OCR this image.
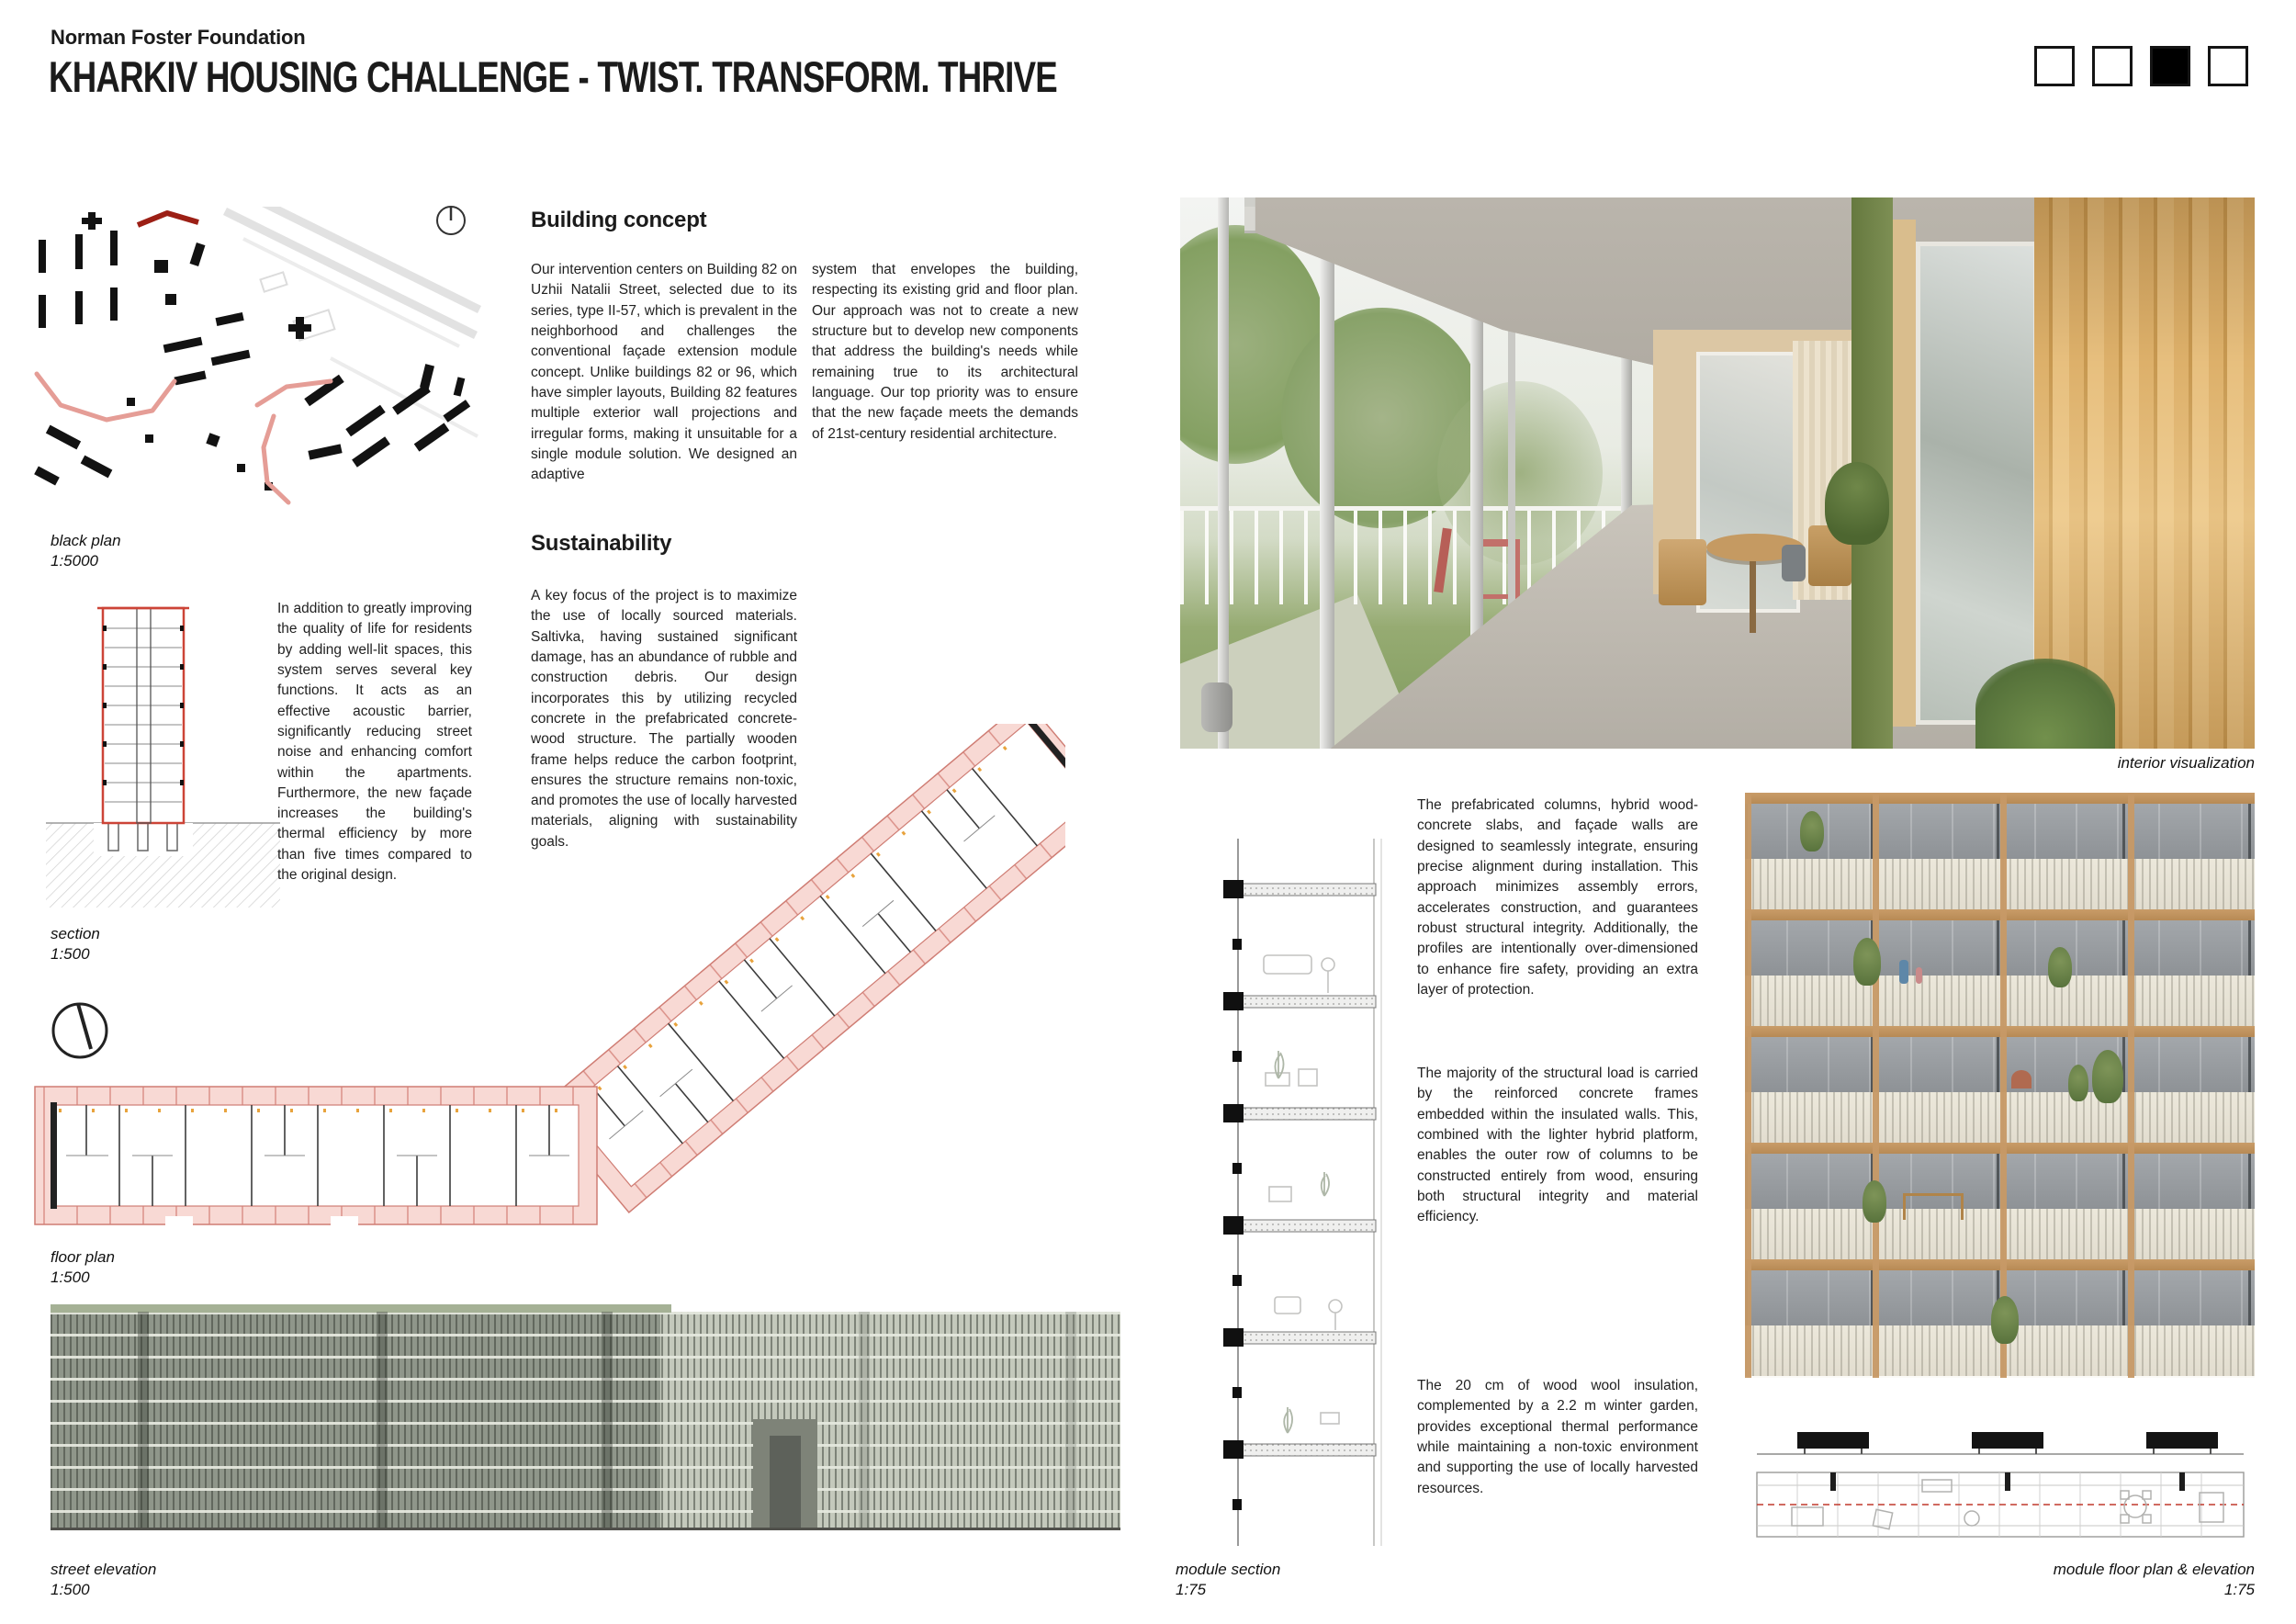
Norman Foster Foundation
KHARKIV HOUSING CHALLENGE - TWIST. TRANSFORM. THRIVE
black plan
1:5000
section
1:500
In addition to greatly improving the quality of life for residents by adding well-lit spaces, this system serves several key functions. It acts as an effective acoustic barrier, significantly reducing street noise and enhancing comfort within the apartments. Furthermore, the new façade increases the building's thermal efficiency by more than five times compared to the original design.
Building concept
Our intervention centers on Building 82 on Uzhii Natalii Street, selected due to its series, type II-57, which is prevalent in the neighborhood and challenges the conventional façade extension module concept. Unlike buildings 82 or 96, which have simpler layouts, Building 82 features multiple exterior wall projections and irregular forms, making it unsuitable for a single module solution. We designed an adaptive
system that envelopes the building, respecting its existing grid and floor plan. Our approach was not to create a new structure but to develop new components that address the building's needs while remaining true to its architectural language. Our top priority was to ensure that the new façade meets the demands of 21st-century residential architecture.
Sustainability
A key focus of the project is to maximize the use of locally sourced materials. Saltivka, having sustained significant damage, has an abundance of rubble and construction debris. Our design incorporates this by utilizing recycled concrete in the prefabricated concrete-wood structure. The partially wooden frame helps reduce the carbon footprint, ensures the structure remains non-toxic, and promotes the use of locally harvested materials, aligning with sustainability goals.
floor plan
1:500
street elevation
1:500
interior visualization
module section
1:75
The prefabricated columns, hybrid wood-concrete slabs, and façade walls are designed to seamlessly integrate, ensuring precise alignment during installation. This approach minimizes assembly errors, accelerates construction, and guarantees robust structural integrity. Additionally, the profiles are intentionally over-dimensioned to enhance fire safety, providing an extra layer of protection.
The majority of the structural load is carried by the reinforced concrete frames embedded within the insulated walls. This, combined with the lighter hybrid platform, enables the outer row of columns to be constructed entirely from wood, ensuring both structural integrity and material efficiency.
The 20 cm of wood wool insulation, complemented by a 2.2 m winter garden, provides exceptional thermal performance while maintaining a non-toxic environment and supporting the use of locally harvested resources.
module floor plan & elevation
1:75
